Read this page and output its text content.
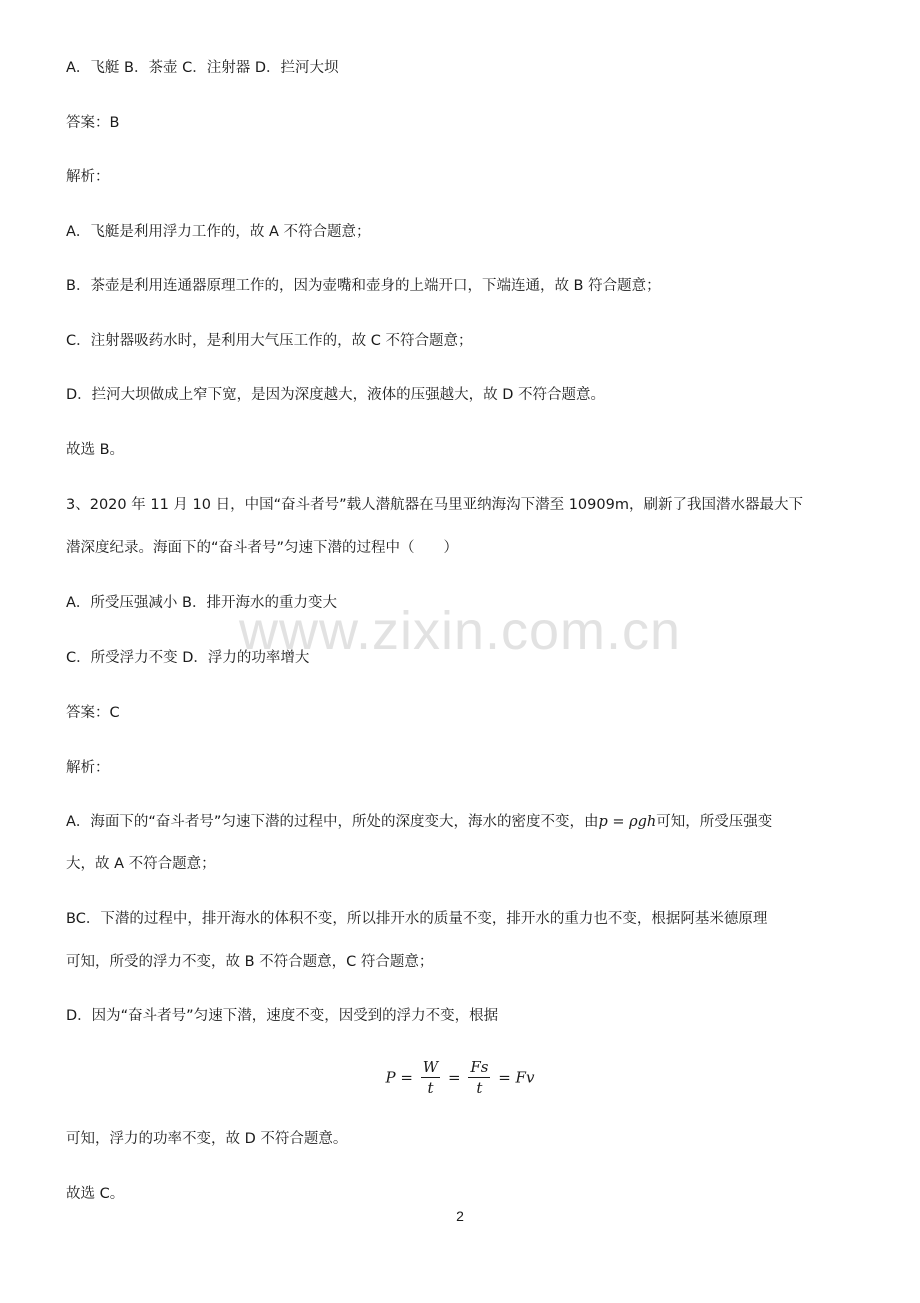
www.zixin.com.cn
A．飞艇 B．茶壶 C．注射器 D．拦河大坝
答案：B
解析：
A．飞艇是利用浮力工作的，故 A 不符合题意；
B．茶壶是利用连通器原理工作的，因为壶嘴和壶身的上端开口，下端连通，故 B 符合题意；
C．注射器吸药水时，是利用大气压工作的，故 C 不符合题意；
D．拦河大坝做成上窄下宽，是因为深度越大，液体的压强越大，故 D 不符合题意。
故选 B。
3、2020 年 11 月 10 日，中国“奋斗者号”载人潜航器在马里亚纳海沟下潜至 10909m，刷新了我国潜水器最大下
潜深度纪录。海面下的“奋斗者号”匀速下潜的过程中（　　）
A．所受压强减小 B．排开海水的重力变大
C．所受浮力不变 D．浮力的功率增大
答案：C
解析：
A．海面下的“奋斗者号”匀速下潜的过程中，所处的深度变大，海水的密度不变，由p = ρgh可知，所受压强变
大，故 A 不符合题意；
BC．下潜的过程中，排开海水的体积不变，所以排开水的质量不变，排开水的重力也不变，根据阿基米德原理
可知，所受的浮力不变，故 B 不符合题意，C 符合题意；
D．因为“奋斗者号”匀速下潜，速度不变，因受到的浮力不变，根据
$P = \frac{W}{t} = \frac{Fs}{t} = Fv$
可知，浮力的功率不变，故 D 不符合题意。
故选 C。
2
